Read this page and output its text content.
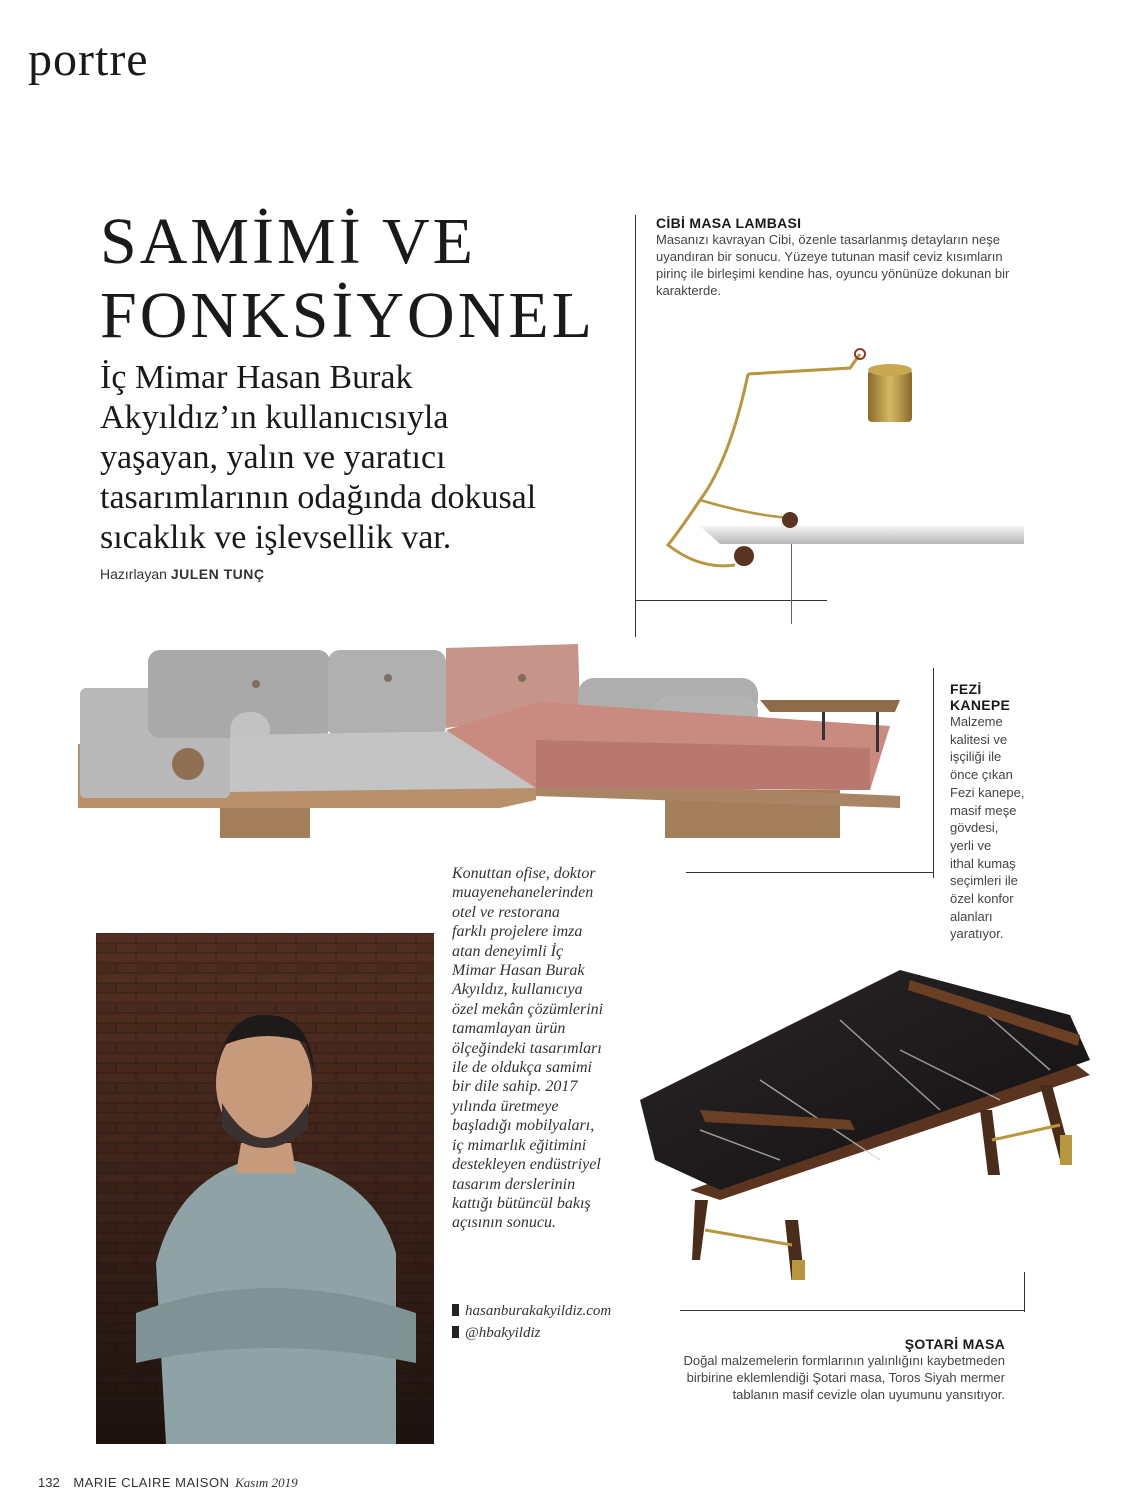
portre
SAMİMİ VE
FONKSİYONEL
İç Mimar Hasan Burak Akyıldız’ın kullanıcısıyla yaşayan, yalın ve yaratıcı tasarımlarının odağında dokusal sıcaklık ve işlevsellik var.
Hazırlayan JULEN TUNÇ
CİBİ MASA LAMBASI
Masanızı kavrayan Cibi, özenle tasarlanmış detayların neşe uyandıran bir sonucu. Yüzeye tutunan masif ceviz kısımların pirinç ile birleşimi kendine has, oyuncu yönünüze dokunan bir karakterde.
FEZİ KANEPE
Malzeme
kalitesi ve
işçiliği ile
önce çıkan
Fezi kanepe,
masif meşe
gövdesi,
yerli ve
ithal kumaş
seçimleri ile
özel konfor
alanları
yaratıyor.
Konuttan ofise, doktor
muayenehanelerinden
otel ve restorana
farklı projelere imza
atan deneyimli İç
Mimar Hasan Burak
Akyıldız, kullanıcıya
özel mekân çözümlerini
tamamlayan ürün
ölçeğindeki tasarımları
ile de oldukça samimi
bir dile sahip. 2017
yılında üretmeye
başladığı mobilyaları,
iç mimarlık eğitimini
destekleyen endüstriyel
tasarım derslerinin
kattığı bütüncül bakış
açısının sonucu.
hasanburakakyildiz.com
@hbakyildiz
ŞOTARİ MASA
Doğal malzemelerin formlarının yalınlığını kaybetmeden
birbirine eklemlendiği Şotari masa, Toros Siyah mermer
tablanın masif cevizle olan uyumunu yansıtıyor.
132 MARIE CLAIRE MAISON Kasım 2019
